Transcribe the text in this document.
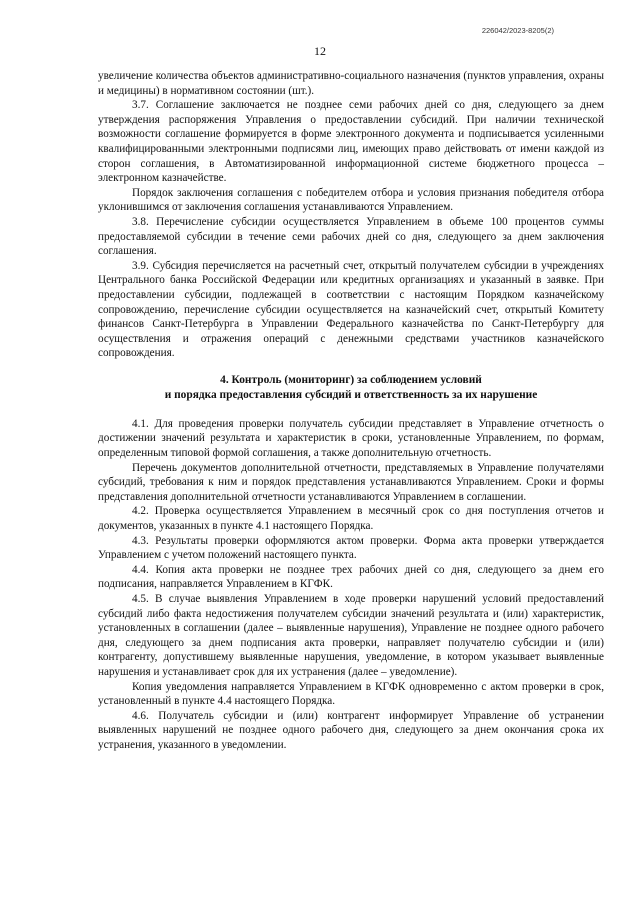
226042/2023-8205(2)
12

увеличение количества объектов административно-социального назначения (пунктов управления, охраны и медицины) в нормативном состоянии (шт.).

3.7. Соглашение заключается не позднее семи рабочих дней со дня, следующего за днем утверждения распоряжения Управления о предоставлении субсидий. При наличии технической возможности соглашение формируется в форме электронного документа и подписывается усиленными квалифицированными электронными подписями лиц, имеющих право действовать от имени каждой из сторон соглашения, в Автоматизированной информационной системе бюджетного процесса – электронном казначействе.

Порядок заключения соглашения с победителем отбора и условия признания победителя отбора уклонившимся от заключения соглашения устанавливаются Управлением.

3.8. Перечисление субсидии осуществляется Управлением в объеме 100 процентов суммы предоставляемой субсидии в течение семи рабочих дней со дня, следующего за днем заключения соглашения.

3.9. Субсидия перечисляется на расчетный счет, открытый получателем субсидии в учреждениях Центрального банка Российской Федерации или кредитных организациях и указанный в заявке. При предоставлении субсидии, подлежащей в соответствии с настоящим Порядком казначейскому сопровождению, перечисление субсидии осуществляется на казначейский счет, открытый Комитету финансов Санкт-Петербурга в Управлении Федерального казначейства по Санкт-Петербургу для осуществления и отражения операций с денежными средствами участников казначейского сопровождения.

4. Контроль (мониторинг) за соблюдением условий
и порядка предоставления субсидий и ответственность за их нарушение

4.1. Для проведения проверки получатель субсидии представляет в Управление отчетность о достижении значений результата и характеристик в сроки, установленные Управлением, по формам, определенным типовой формой соглашения, а также дополнительную отчетность.

Перечень документов дополнительной отчетности, представляемых в Управление получателями субсидий, требования к ним и порядок представления устанавливаются Управлением. Сроки и формы представления дополнительной отчетности устанавливаются Управлением в соглашении.

4.2. Проверка осуществляется Управлением в месячный срок со дня поступления отчетов и документов, указанных в пункте 4.1 настоящего Порядка.

4.3. Результаты проверки оформляются актом проверки. Форма акта проверки утверждается Управлением с учетом положений настоящего пункта.

4.4. Копия акта проверки не позднее трех рабочих дней со дня, следующего за днем его подписания, направляется Управлением в КГФК.

4.5. В случае выявления Управлением в ходе проверки нарушений условий предоставлений субсидий либо факта недостижения получателем субсидии значений результата и (или) характеристик, установленных в соглашении (далее – выявленные нарушения), Управление не позднее одного рабочего дня, следующего за днем подписания акта проверки, направляет получателю субсидии и (или) контрагенту, допустившему выявленные нарушения, уведомление, в котором указывает выявленные нарушения и устанавливает срок для их устранения (далее – уведомление).

Копия уведомления направляется Управлением в КГФК одновременно с актом проверки в срок, установленный в пункте 4.4 настоящего Порядка.

4.6. Получатель субсидии и (или) контрагент информирует Управление об устранении выявленных нарушений не позднее одного рабочего дня, следующего за днем окончания срока их устранения, указанного в уведомлении.
